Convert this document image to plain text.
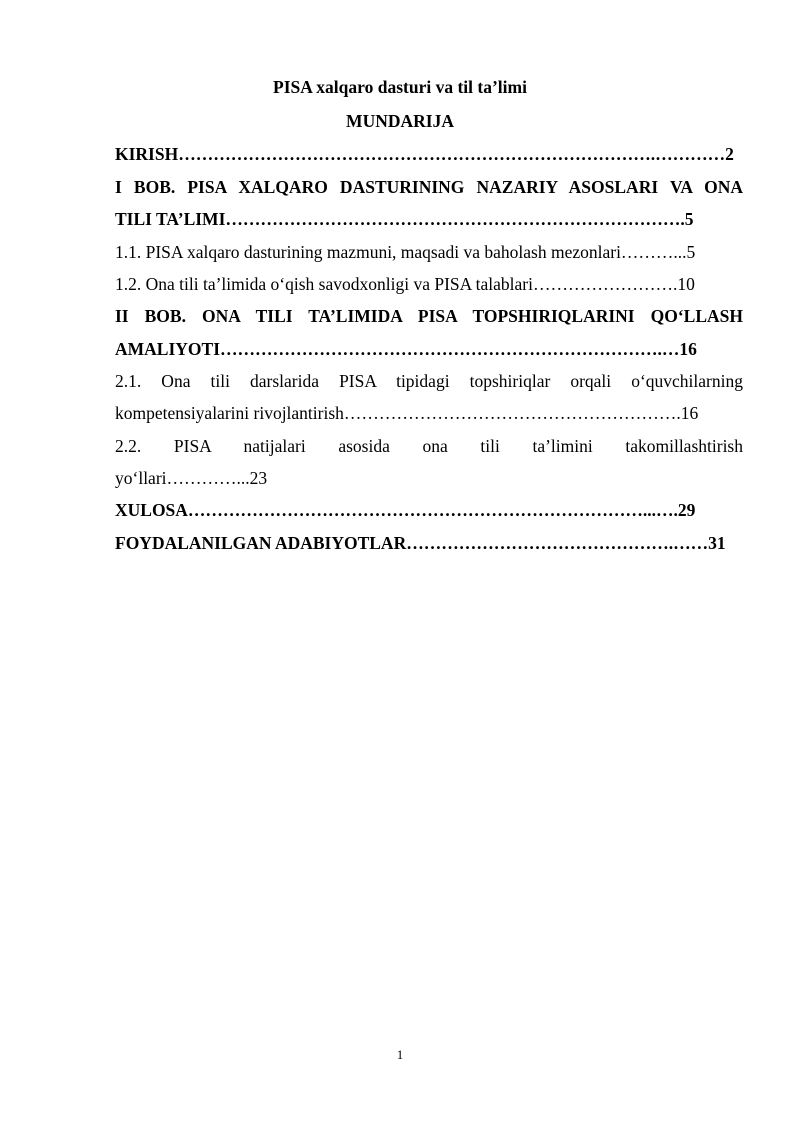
PISA xalqaro dasturi va til ta’limi

MUNDARIJA

KIRISH……………………………………………………………………….…………2
I BOB. PISA XALQARO DASTURINING NAZARIY ASOSLARI VA ONA
TILI TA’LIMI…………………………………………………………………….5
1.1. PISA xalqaro dasturining mazmuni, maqsadi va baholash mezonlari………...5
1.2. Ona tili ta’limida o‘qish savodxonligi va PISA talablari…………………….10
II BOB. ONA TILI TA’LIMIDA PISA TOPSHIRIQLARINI QO‘LLASH
AMALIYOTI………………………………………………………………….…16
2.1. Ona tili darslarida PISA tipidagi topshiriqlar orqali o‘quvchilarning
kompetensiyalarini rivojlantirish………………………………………………….16
2.2. PISA natijalari asosida ona tili ta’limini takomillashtirish
yo‘llari…………...23
XULOSA……………………………………………………………………...….29
FOYDALANILGAN ADABIYOTLAR……………………………………….……31
1
